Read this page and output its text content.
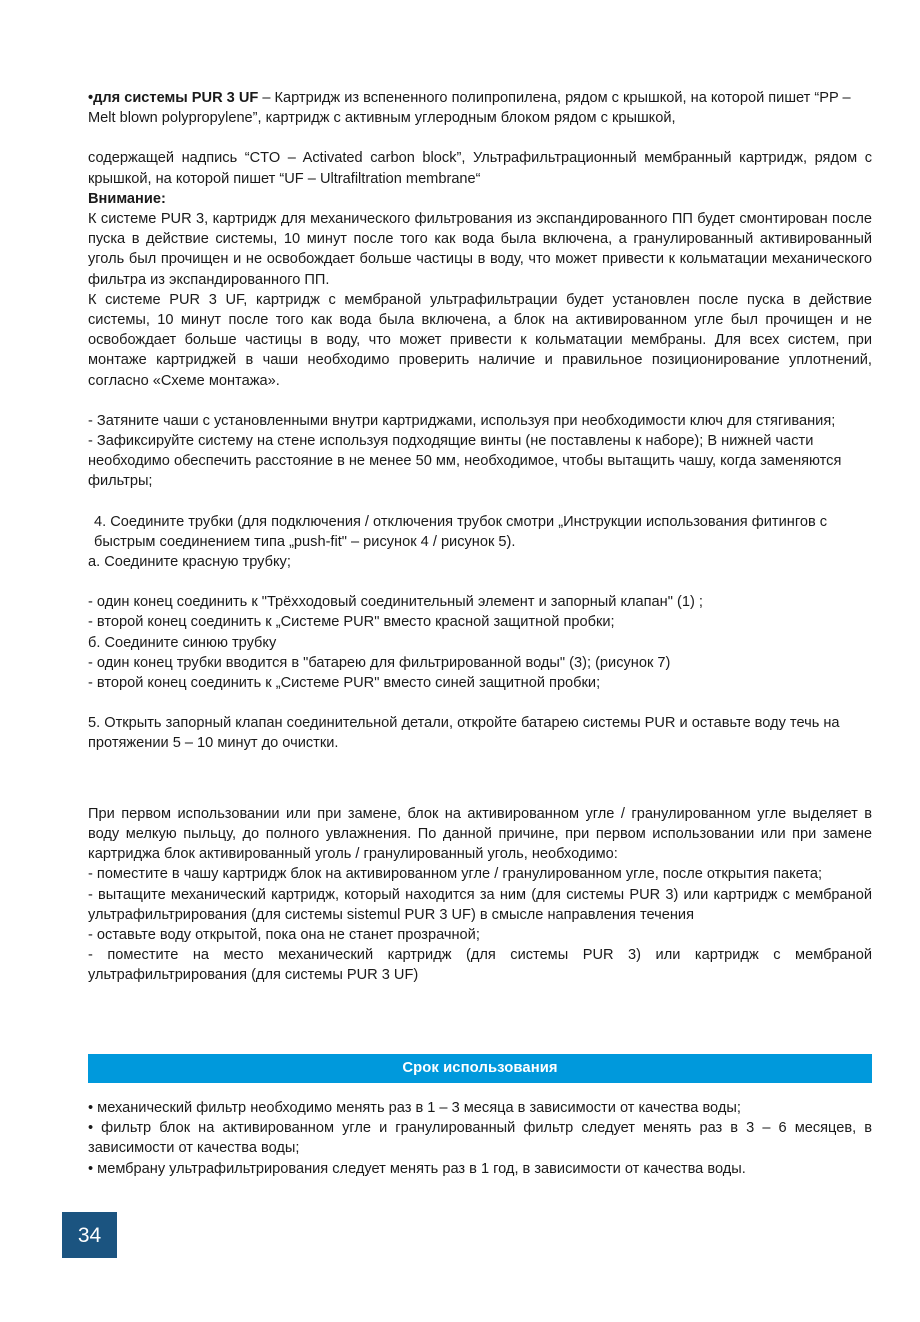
•для системы PUR 3 UF – Картридж из вспененного полипропилена, рядом с крышкой, на которой пишет “PP – Melt blown polypropylene”, картридж с активным углеродным блоком рядом с крышкой,

содержащей надпись “CTO – Activated carbon block”, Ультрафильтрационный мембранный картридж, рядом с крышкой, на которой пишет “UF – Ultrafiltration membrane“

Внимание:

К системе PUR 3, картридж для механического фильтрования из экспандированного ПП будет смонтирован после пуска в действие системы, 10 минут после того как вода была включена, а гранулированный активированный уголь был прочищен и не освобождает больше частицы в воду, что может привести к кольматации механического фильтра из экспандированного ПП.

К системе PUR 3 UF, картридж с мембраной ультрафильтрации будет установлен после пуска в действие системы, 10 минут после того как вода была включена, а блок на активированном угле был прочищен и не освобождает больше частицы в воду, что может привести к кольматации мембраны. Для всех систем, при монтаже картриджей в чаши необходимо проверить наличие и правильное позиционирование уплотнений, согласно «Схеме монтажа».

- Затяните чаши с установленными внутри картриджами, используя при необходимости ключ для стягивания;

- Зафиксируйте систему на стене используя подходящие винты (не поставлены к наборе); В нижней части необходимо обеспечить расстояние в не менее 50 мм, необходимое, чтобы вытащить чашу, когда заменяются фильтры;

4. Соедините трубки (для подключения / отключения трубок смотри „Инструкции использования фитингов с быстрым соединением типа „push-fit" – рисунок 4 / рисунок 5).

a. Соедините красную трубку;

- один конец соединить к "Трёхходовый соединительный элемент и запорный клапан" (1) ;

- второй конец соединить к „Системе PUR" вместо красной защитной пробки;

б. Соедините синюю трубку

- один конец трубки вводится в "батарею для фильтрированной воды" (3); (рисунок 7)

- второй конец соединить к „Системе PUR" вместо синей защитной пробки;

5. Открыть запорный клапан соединительной детали, откройте батарею системы PUR и оставьте воду течь на протяжении 5 – 10 минут до очистки.

При первом использовании или при замене, блок на активированном угле / гранулированном угле выделяет в воду мелкую пыльцу, до полного увлажнения. По данной причине, при первом использовании или при замене картриджа блок активированный уголь / гранулированный уголь, необходимо:

- поместите в чашу картридж блок на активированном угле / гранулированном угле, после открытия пакета;

- вытащите механический картридж, который находится за ним (для системы PUR 3) или картридж с мембраной ультрафильтрирования (для системы sistemul PUR 3 UF) в смысле направления течения

- оставьте воду открытой, пока она не станет прозрачной;

- поместите на место механический картридж (для системы PUR 3) или картридж с мембраной ультрафильтрирования (для системы PUR 3 UF)

Срок использования

• механический фильтр необходимо менять раз в 1 – 3 месяца в зависимости от качества воды;

• фильтр блок на активированном угле и гранулированный фильтр следует менять раз в 3 – 6 месяцев, в зависимости от качества воды;

• мембрану ультрафильтрирования следует менять раз в 1 год, в зависимости от качества воды.

34
